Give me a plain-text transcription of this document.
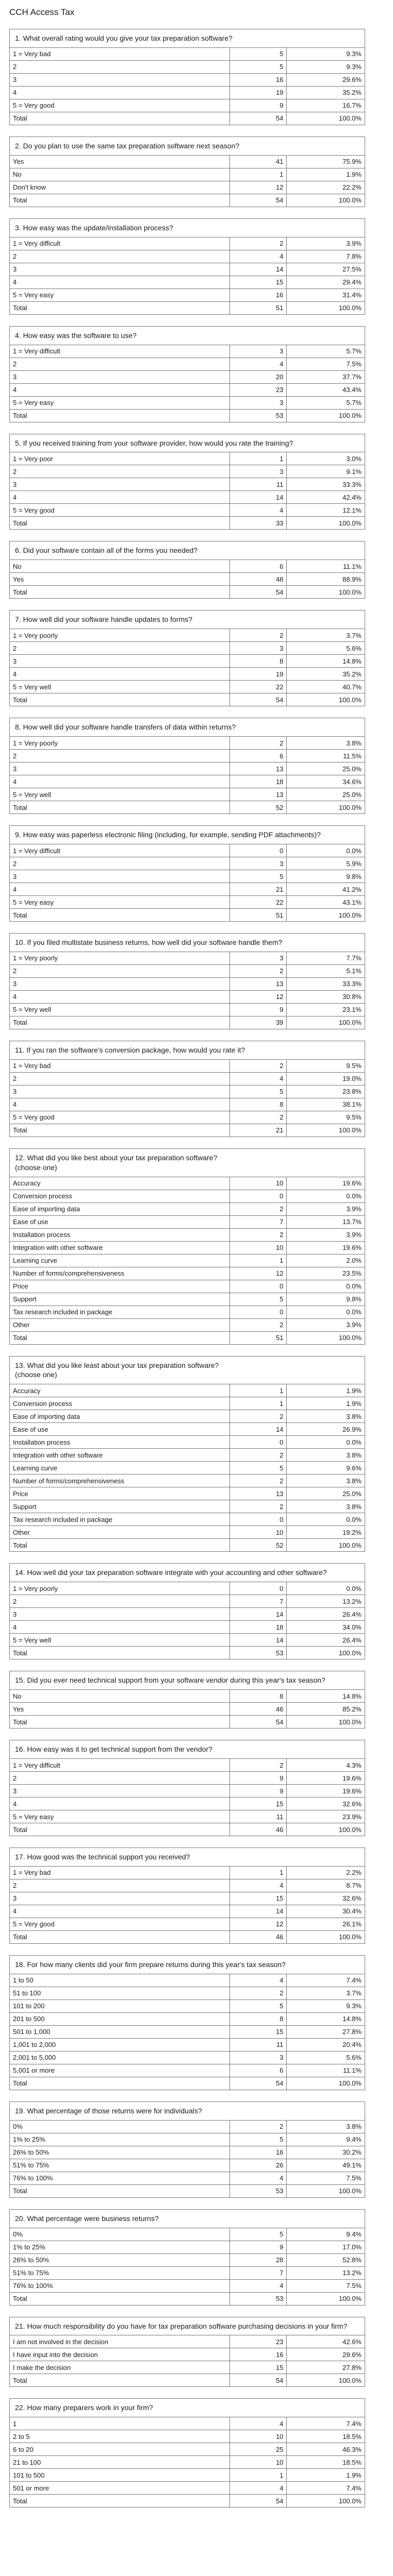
CCH Access Tax
1. What overall rating would you give your tax preparation software?
1 = Very bad	5	9.3%
2	5	9.3%
3	16	29.6%
4	19	35.2%
5 = Very good	9	16.7%
Total	54	100.0%
2. Do you plan to use the same tax preparation software next season?
Yes	41	75.9%
No	1	1.9%
Don't know	12	22.2%
Total	54	100.0%
3. How easy was the update/installation process?
1 = Very difficult	2	3.9%
2	4	7.8%
3	14	27.5%
4	15	29.4%
5 = Very easy	16	31.4%
Total	51	100.0%
4. How easy was the software to use?
1 = Very difficult	3	5.7%
2	4	7.5%
3	20	37.7%
4	23	43.4%
5 = Very easy	3	5.7%
Total	53	100.0%
5. If you received training from your software provider, how would you rate the training?
1 = Very poor	1	3.0%
2	3	9.1%
3	11	33.3%
4	14	42.4%
5 = Very good	4	12.1%
Total	33	100.0%
6. Did your software contain all of the forms you needed?
No	6	11.1%
Yes	48	88.9%
Total	54	100.0%
7. How well did your software handle updates to forms?
1 = Very poorly	2	3.7%
2	3	5.6%
3	8	14.8%
4	19	35.2%
5 = Very well	22	40.7%
Total	54	100.0%
8. How well did your software handle transfers of data within returns?
1 = Very poorly	2	3.8%
2	6	11.5%
3	13	25.0%
4	18	34.6%
5 = Very well	13	25.0%
Total	52	100.0%
9. How easy was paperless electronic filing (including, for example, sending PDF attachments)?
1 = Very difficult	0	0.0%
2	3	5.9%
3	5	9.8%
4	21	41.2%
5 = Very easy	22	43.1%
Total	51	100.0%
10. If you filed multistate business returns, how well did your software handle them?
1 = Very poorly	3	7.7%
2	2	5.1%
3	13	33.3%
4	12	30.8%
5 = Very well	9	23.1%
Total	39	100.0%
11. If you ran the software's conversion package, how would you rate it?
1 = Very bad	2	9.5%
2	4	19.0%
3	5	23.8%
4	8	38.1%
5 = Very good	2	9.5%
Total	21	100.0%
12. What did you like best about your tax preparation software?
(choose one)
Accuracy	10	19.6%
Conversion process	0	0.0%
Ease of importing data	2	3.9%
Ease of use	7	13.7%
Installation process	2	3.9%
Integration with other software	10	19.6%
Learning curve	1	2.0%
Number of forms/comprehensiveness	12	23.5%
Price	0	0.0%
Support	5	9.8%
Tax research included in package	0	0.0%
Other	2	3.9%
Total	51	100.0%
13. What did you like least about your tax preparation software?
(choose one)
Accuracy	1	1.9%
Conversion process	1	1.9%
Ease of importing data	2	3.8%
Ease of use	14	26.9%
Installation process	0	0.0%
Integration with other software	2	3.8%
Learning curve	5	9.6%
Number of forms/comprehensiveness	2	3.8%
Price	13	25.0%
Support	2	3.8%
Tax research included in package	0	0.0%
Other	10	19.2%
Total	52	100.0%
14. How well did your tax preparation software integrate with your accounting and other software?
1 = Very poorly	0	0.0%
2	7	13.2%
3	14	26.4%
4	18	34.0%
5 = Very well	14	26.4%
Total	53	100.0%
15. Did you ever need technical support from your software vendor during this year's tax season?
No	8	14.8%
Yes	46	85.2%
Total	54	100.0%
16. How easy was it to get technical support from the vendor?
1 = Very difficult	2	4.3%
2	9	19.6%
3	9	19.6%
4	15	32.6%
5 = Very easy	11	23.9%
Total	46	100.0%
17. How good was the technical support you received?
1 = Very bad	1	2.2%
2	4	8.7%
3	15	32.6%
4	14	30.4%
5 = Very good	12	26.1%
Total	46	100.0%
18. For how many clients did your firm prepare returns during this year's tax season?
1 to 50	4	7.4%
51 to 100	2	3.7%
101 to 200	5	9.3%
201 to 500	8	14.8%
501 to 1,000	15	27.8%
1,001 to 2,000	11	20.4%
2,001 to 5,000	3	5.6%
5,001 or more	6	11.1%
Total	54	100.0%
19. What percentage of those returns were for individuals?
0%	2	3.8%
1% to 25%	5	9.4%
26% to 50%	16	30.2%
51% to 75%	26	49.1%
76% to 100%	4	7.5%
Total	53	100.0%
20. What percentage were business returns?
0%	5	9.4%
1% to 25%	9	17.0%
26% to 50%	28	52.8%
51% to 75%	7	13.2%
76% to 100%	4	7.5%
Total	53	100.0%
21. How much responsibility do you have for tax preparation software purchasing decisions in your firm?
I am not involved in the decision	23	42.6%
I have input into the decision	16	29.6%
I make the decision	15	27.8%
Total	54	100.0%
22. How many preparers work in your firm?
1	4	7.4%
2 to 5	10	18.5%
6 to 20	25	46.3%
21 to 100	10	18.5%
101 to 500	1	1.9%
501 or more	4	7.4%
Total	54	100.0%
